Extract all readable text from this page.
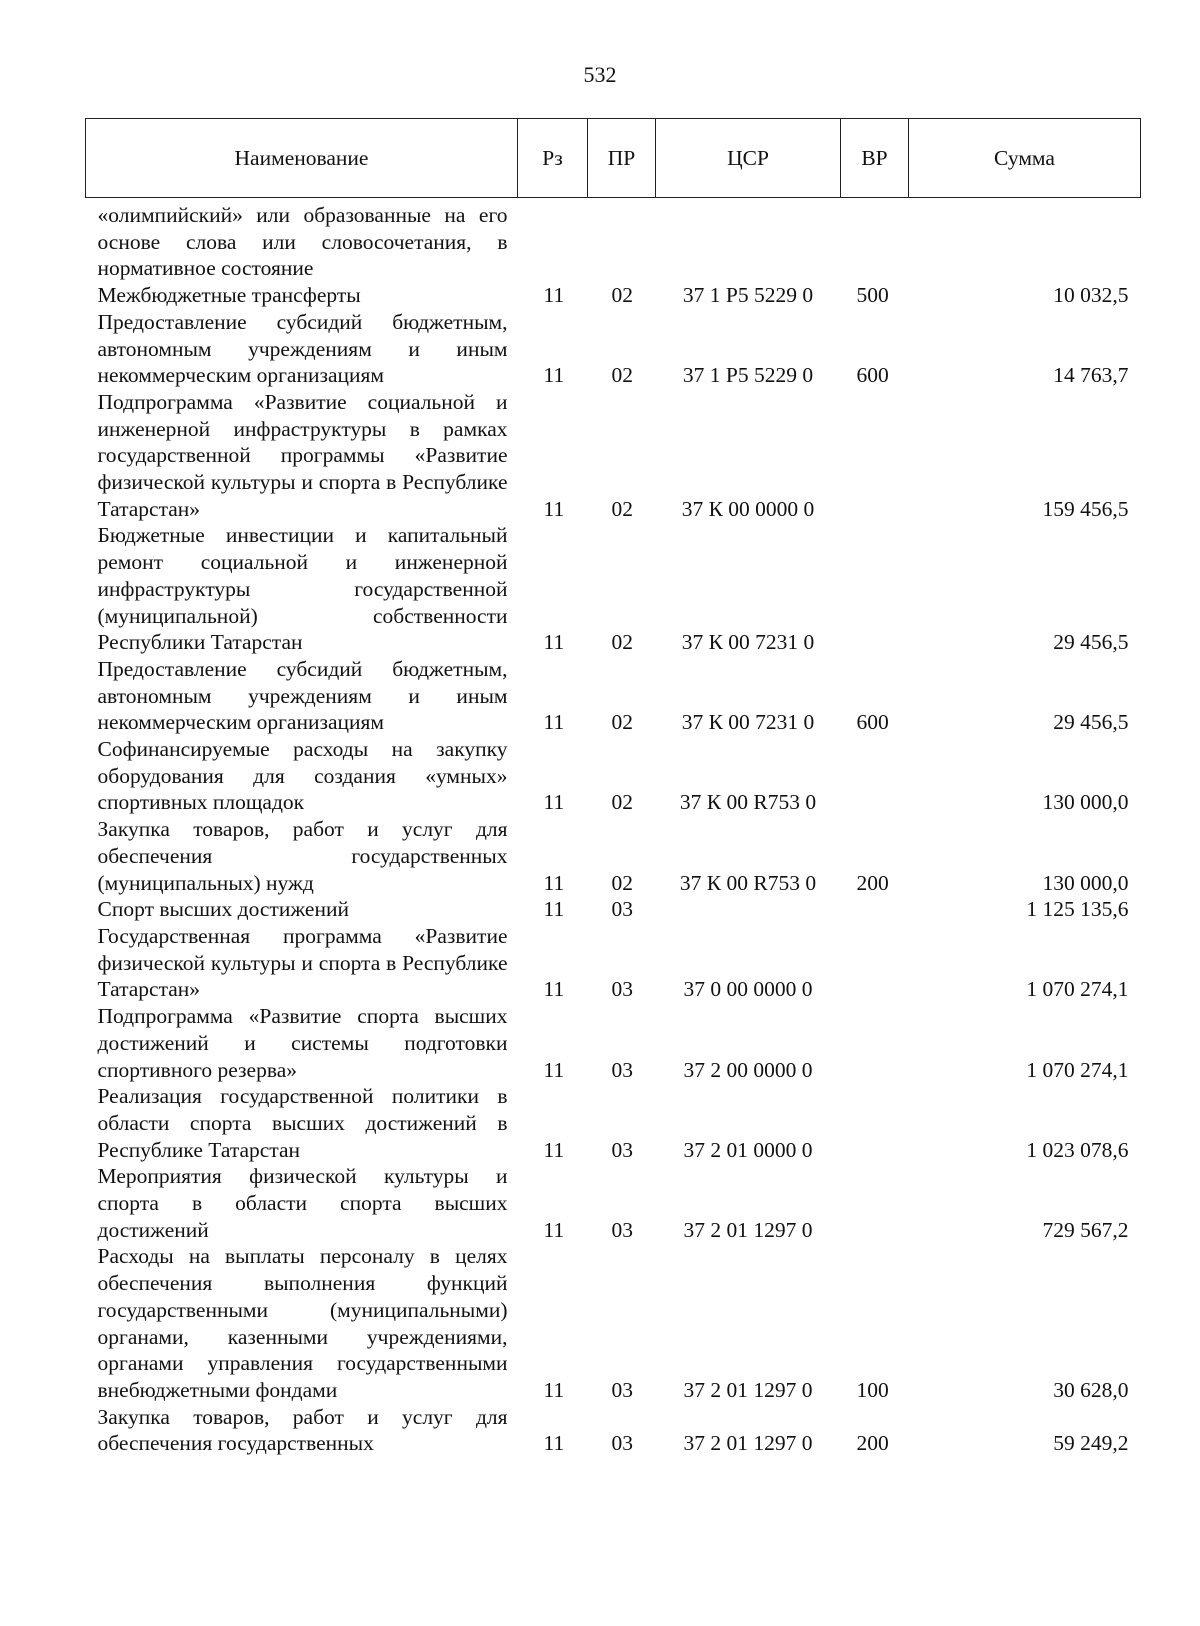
532
Наименование	Рз	ПР	ЦСР	ВР	Сумма

«олимпийский» или образованные на его основе слова или словосочетания, в нормативное состояние					

Межбюджетные трансферты	11	02	37 1 P5 5229 0	500	10 032,5

Предоставление субсидий бюджетным, автономным учреждениям и иным некоммерческим организациям	11	02	37 1 P5 5229 0	600	14 763,7

Подпрограмма «Развитие социальной и инженерной инфраструктуры в рамках государственной программы «Развитие физической культуры и спорта в Республике Татарстан»	11	02	37 К 00 0000 0		159 456,5

Бюджетные инвестиции и капитальный ремонт социальной и инженерной инфраструктуры государственной (муниципальной) собственности Республики Татарстан	11	02	37 К 00 7231 0		29 456,5

Предоставление субсидий бюджетным, автономным учреждениям и иным некоммерческим организациям	11	02	37 К 00 7231 0	600	29 456,5

Софинансируемые расходы на закупку оборудования для создания «умных» спортивных площадок	11	02	37 К 00 R753 0		130 000,0

Закупка товаров, работ и услуг для обеспечения государственных (муниципальных) нужд	11	02	37 К 00 R753 0	200	130 000,0

Спорт высших достижений	11	03			1 125 135,6

Государственная программа «Развитие физической культуры и спорта в Республике Татарстан»	11	03	37 0 00 0000 0		1 070 274,1

Подпрограмма «Развитие спорта высших достижений и системы подготовки спортивного резерва»	11	03	37 2 00 0000 0		1 070 274,1

Реализация государственной политики в области спорта высших достижений в Республике Татарстан	11	03	37 2 01 0000 0		1 023 078,6

Мероприятия физической культуры и спорта в области спорта высших достижений	11	03	37 2 01 1297 0		729 567,2

Расходы на выплаты персоналу в целях обеспечения выполнения функций государственными (муниципальными) органами, казенными учреждениями, органами управления государственными внебюджетными фондами	11	03	37 2 01 1297 0	100	30 628,0

Закупка товаров, работ и услуг для обеспечения государственных	11	03	37 2 01 1297 0	200	59 249,2
